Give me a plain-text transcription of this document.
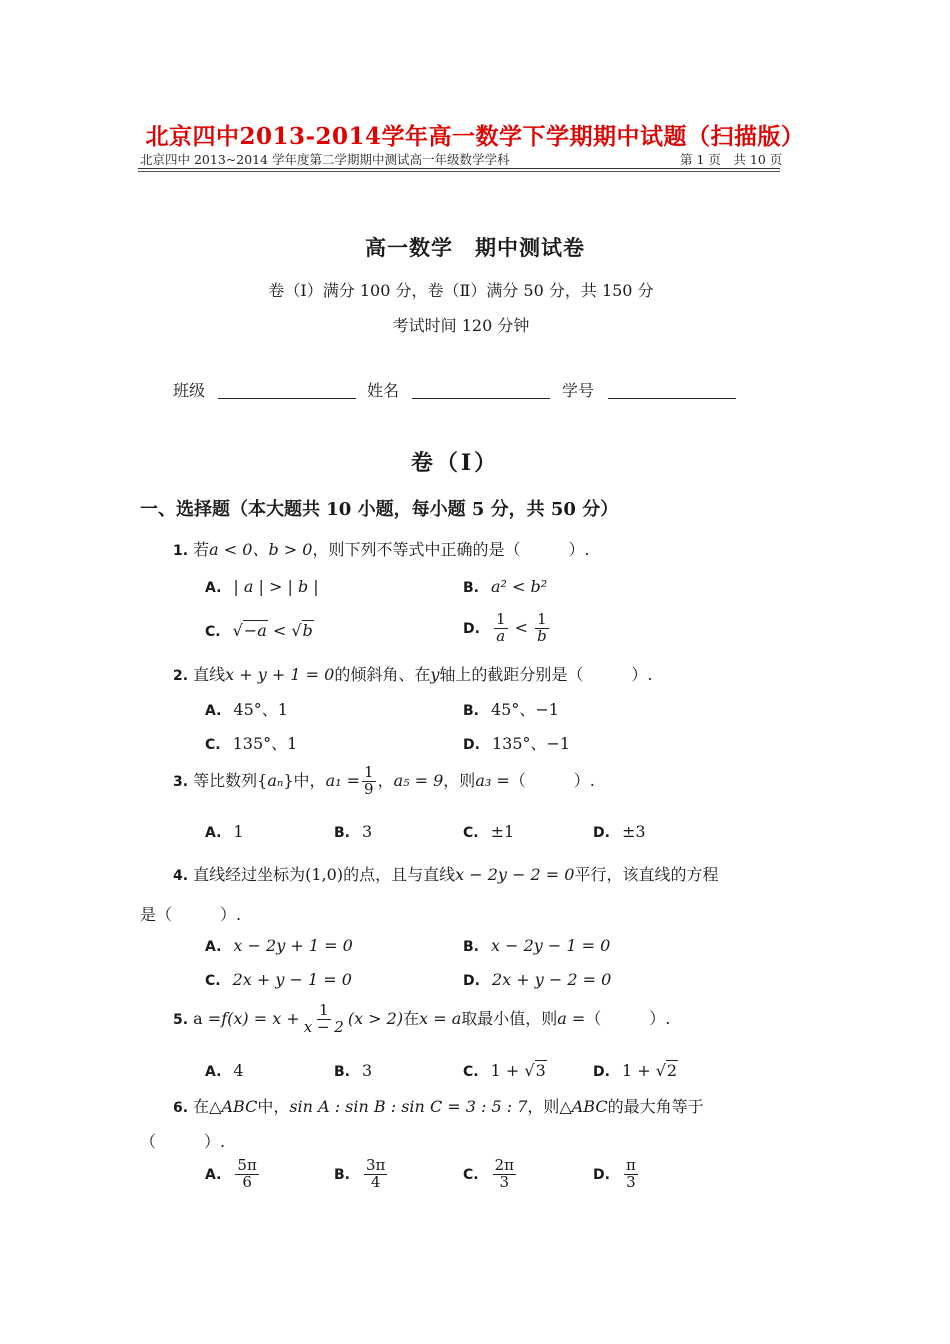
北京四中2013-2014学年高一数学下学期期中试题（扫描版）
北京四中 2013~2014 学年度第二学期期中测试高一年级数学学科	第 1 页　共 10 页
高一数学　期中测试卷
卷（Ⅰ）满分 100 分，卷（Ⅱ）满分 50 分，共 150 分
考试时间 120 分钟
班级	姓名	学号
卷（Ⅰ）
一、选择题（本大题共 10 小题，每小题 5 分，共 50 分）
1. 若a < 0、b > 0，则下列不等式中正确的是（　　　）.
A. | a | > | b |	B. a² < b²
C. √−a < √b	D. $\frac{1}{a} < \frac{1}{b}$
2. 直线x + y + 1 = 0的倾斜角、在y轴上的截距分别是（　　　）.
A. 45°、1	B. 45°、−1
C. 135°、1	D. 135°、−1
3. 等比数列{aₙ}中，$a_1 = \frac{1}{9}$ ，a₅ = 9，则a₃ =（　　　）.
A. 1	B. 3	C. ±1	D. ±3
4. 直线经过坐标为(1,0)的点，且与直线x − 2y − 2 = 0平行，该直线的方程
是（　　　）.
A. x − 2y + 1 = 0	B. x − 2y − 1 = 0
C. 2x + y − 1 = 0	D. 2x + y − 2 = 0
5. $a =f(x) = x + \frac{1}{x - 2} (x > 2)$在x = a取最小值，则a =（　　　）.
A. 4	B. 3	C. 1 + √3	D. 1 + √2
6. 在△ABC中，sin A : sin B : sin C = 3 : 5 : 7，则△ABC的最大角等于
（　　　）.
A. $\frac{5\pi}{6}$	B. $\frac{3\pi}{4}$	C. $\frac{2\pi}{3}$	D. $\frac{\pi}{3}$
